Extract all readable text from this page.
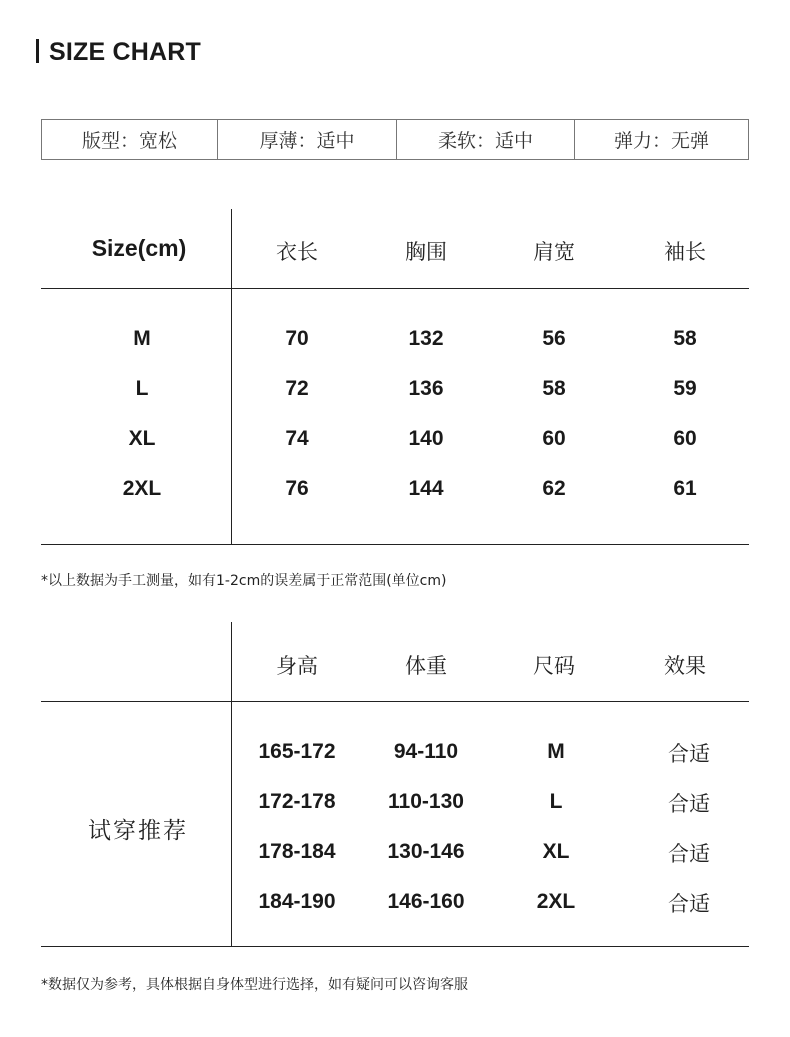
SIZE CHART
版型：宽松	厚薄：适中	柔软：适中	弹力：无弹
Size(cm)	衣长	胸围	肩宽	袖长
M	70	132	56	58
L	72	136	58	59
XL	74	140	60	60
2XL	76	144	62	61
*以上数据为手工测量，如有1-2cm的误差属于正常范围(单位cm)
身高	体重	尺码	效果
试穿推荐
165-172	94-110	M	合适
172-178	110-130	L	合适
178-184 130-146	XL	合适
184-190 146-160	2XL	合适
*数据仅为参考，具体根据自身体型进行选择，如有疑问可以咨询客服
